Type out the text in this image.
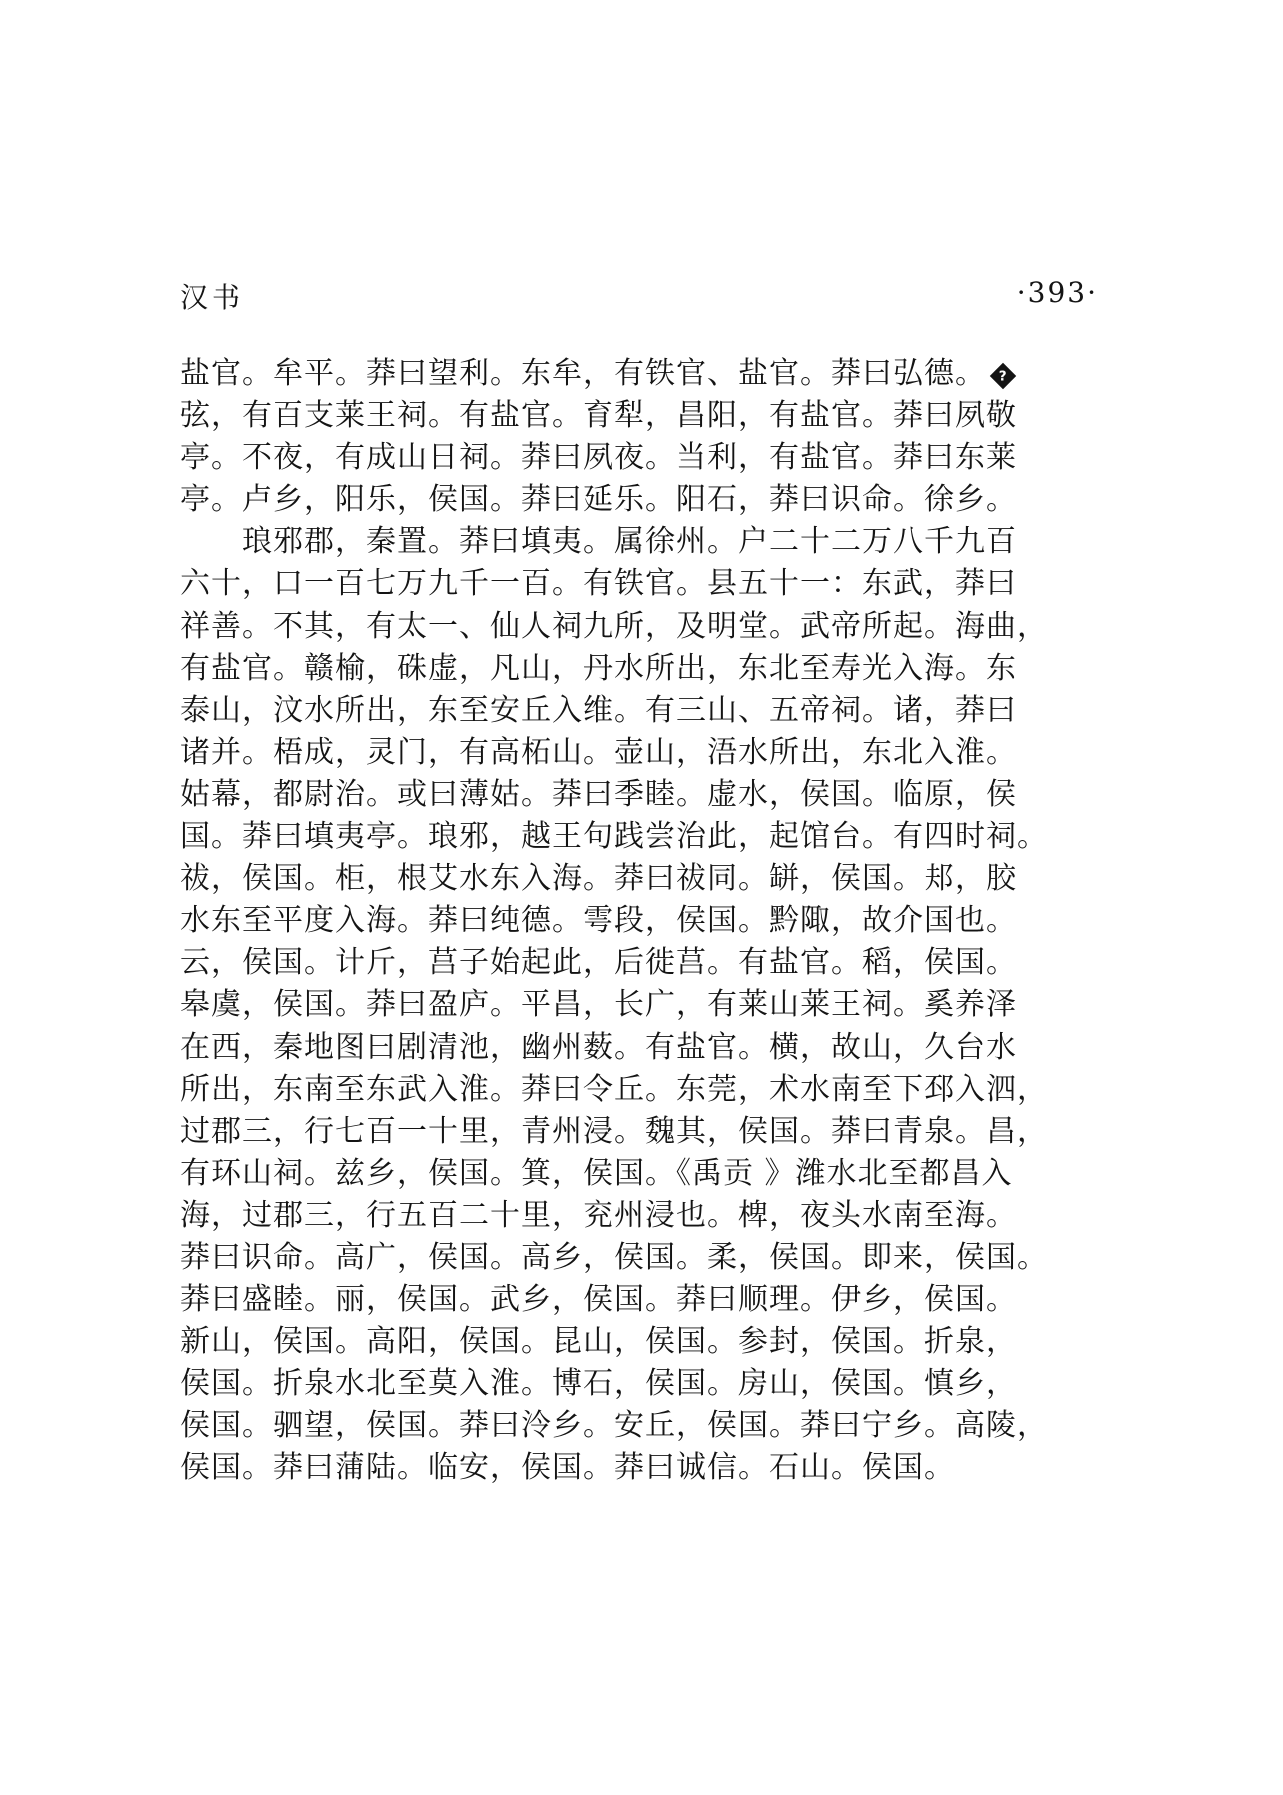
汉书	·393·
盐官。牟平。莽曰望利。东牟，有铁官、盐官。莽曰弘德。 ?
弦，有百支莱王祠。有盐官。育犁，昌阳，有盐官。莽曰夙敬
亭。不夜，有成山日祠。莽曰夙夜。当利，有盐官。莽曰东莱
亭。卢乡，阳乐，侯国。莽曰延乐。阳石，莽曰识命。徐乡。
　　琅邪郡，秦置。莽曰填夷。属徐州。户二十二万八千九百
六十，口一百七万九千一百。有铁官。县五十一：东武，莽曰
祥善。不其，有太一、仙人祠九所，及明堂。武帝所起。海曲，
有盐官。赣榆，硃虚，凡山，丹水所出，东北至寿光入海。东
泰山，汶水所出，东至安丘入维。有三山、五帝祠。诸，莽曰
诸并。梧成，灵门，有高柘山。壶山，浯水所出，东北入淮。
姑幕，都尉治。或曰薄姑。莽曰季睦。虚水，侯国。临原，侯
国。莽曰填夷亭。琅邪，越王句践尝治此，起馆台。有四时祠。
祓，侯国。柜，根艾水东入海。莽曰祓同。缾，侯国。邞，胶
水东至平度入海。莽曰纯德。雩段，侯国。黔陬，故介国也。
云，侯国。计斤，莒子始起此，后徙莒。有盐官。稻，侯国。
皋虞，侯国。莽曰盈庐。平昌，长广，有莱山莱王祠。奚养泽
在西，秦地图曰剧清池，幽州薮。有盐官。横，故山，久台水
所出，东南至东武入淮。莽曰令丘。东莞，术水南至下邳入泗，
过郡三，行七百一十里，青州浸。魏其，侯国。莽曰青泉。昌，
有环山祠。兹乡，侯国。箕，侯国。《禹贡 》潍水北至都昌入
海，过郡三，行五百二十里，兖州浸也。椑，夜头水南至海。
莽曰识命。高广，侯国。高乡，侯国。柔，侯国。即来，侯国。
莽曰盛睦。丽，侯国。武乡，侯国。莽曰顺理。伊乡，侯国。
新山，侯国。高阳，侯国。昆山，侯国。参封，侯国。折泉，
侯国。折泉水北至莫入淮。博石，侯国。房山，侯国。慎乡，
侯国。驷望，侯国。莽曰泠乡。安丘，侯国。莽曰宁乡。高陵，
侯国。莽曰蒲陆。临安，侯国。莽曰诚信。石山。侯国。
